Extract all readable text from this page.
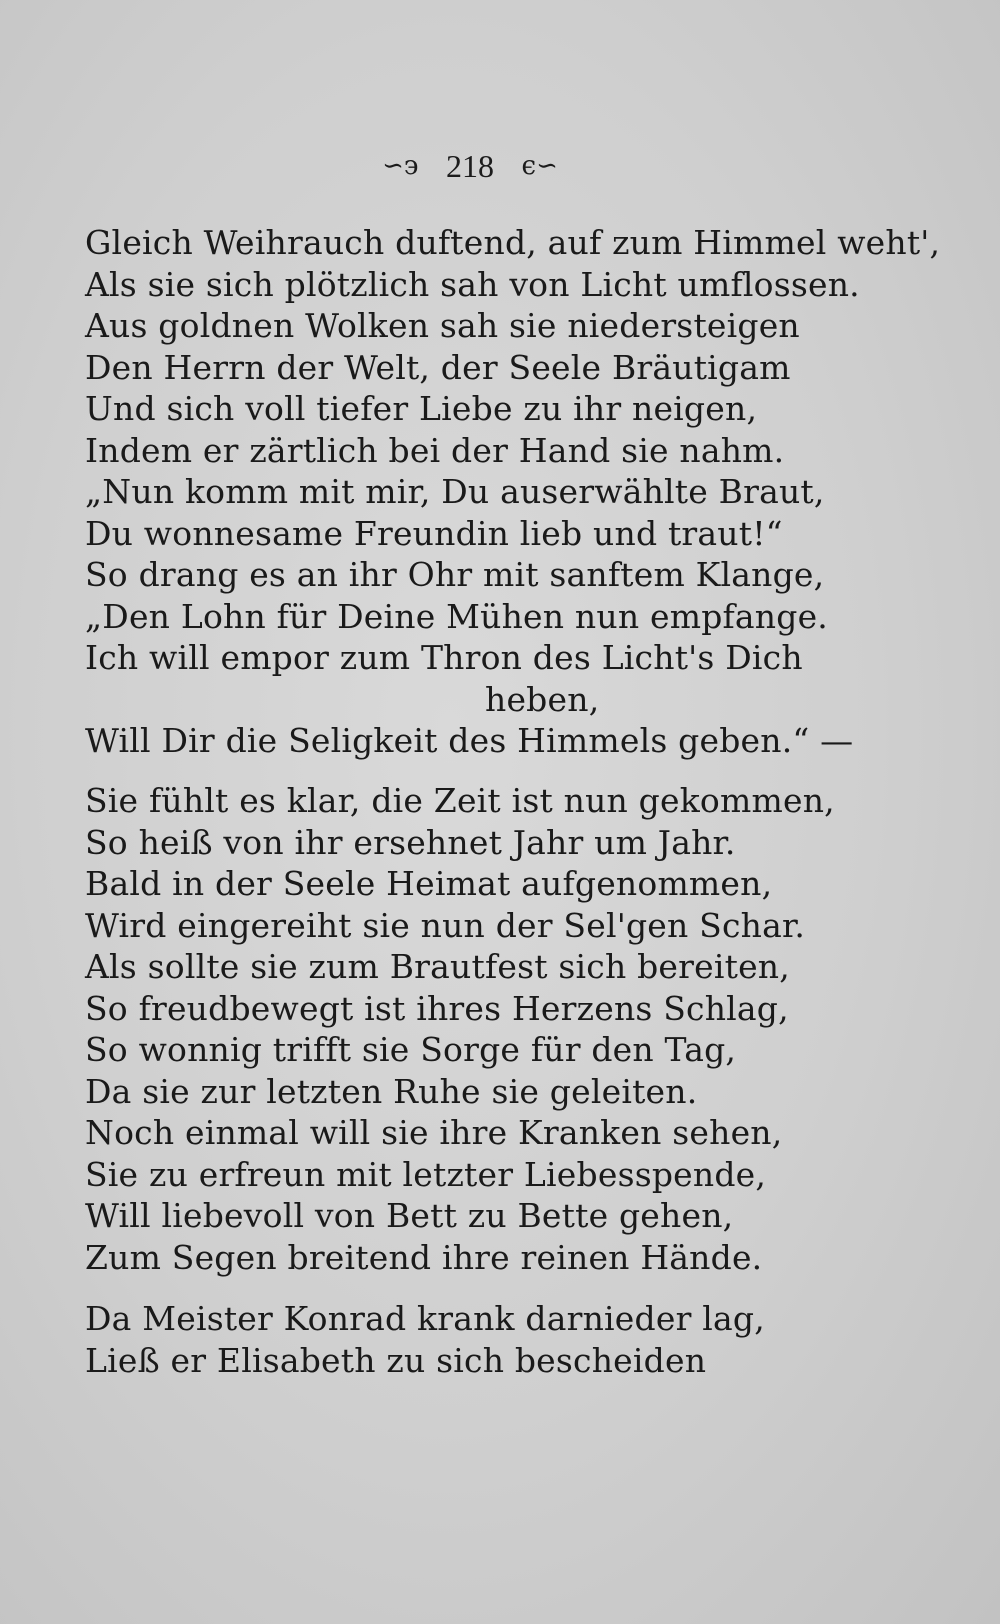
∽϶ 218 ϵ∽
Gleich Weihrauch duftend, auf zum Himmel weht',
Als sie sich plötzlich sah von Licht umflossen.
Aus goldnen Wolken sah sie niedersteigen
Den Herrn der Welt, der Seele Bräutigam
Und sich voll tiefer Liebe zu ihr neigen,
Indem er zärtlich bei der Hand sie nahm.
„Nun komm mit mir, Du auserwählte Braut,
Du wonnesame Freundin lieb und traut!“
So drang es an ihr Ohr mit sanftem Klange,
„Den Lohn für Deine Mühen nun empfange.
Ich will empor zum Thron des Licht's Dich
heben,
Will Dir die Seligkeit des Himmels geben.“ —
Sie fühlt es klar, die Zeit ist nun gekommen,
So heiß von ihr ersehnet Jahr um Jahr.
Bald in der Seele Heimat aufgenommen,
Wird eingereiht sie nun der Sel'gen Schar.
Als sollte sie zum Brautfest sich bereiten,
So freudbewegt ist ihres Herzens Schlag,
So wonnig trifft sie Sorge für den Tag,
Da sie zur letzten Ruhe sie geleiten.
Noch einmal will sie ihre Kranken sehen,
Sie zu erfreun mit letzter Liebesspende,
Will liebevoll von Bett zu Bette gehen,
Zum Segen breitend ihre reinen Hände.
Da Meister Konrad krank darnieder lag,
Ließ er Elisabeth zu sich bescheiden
